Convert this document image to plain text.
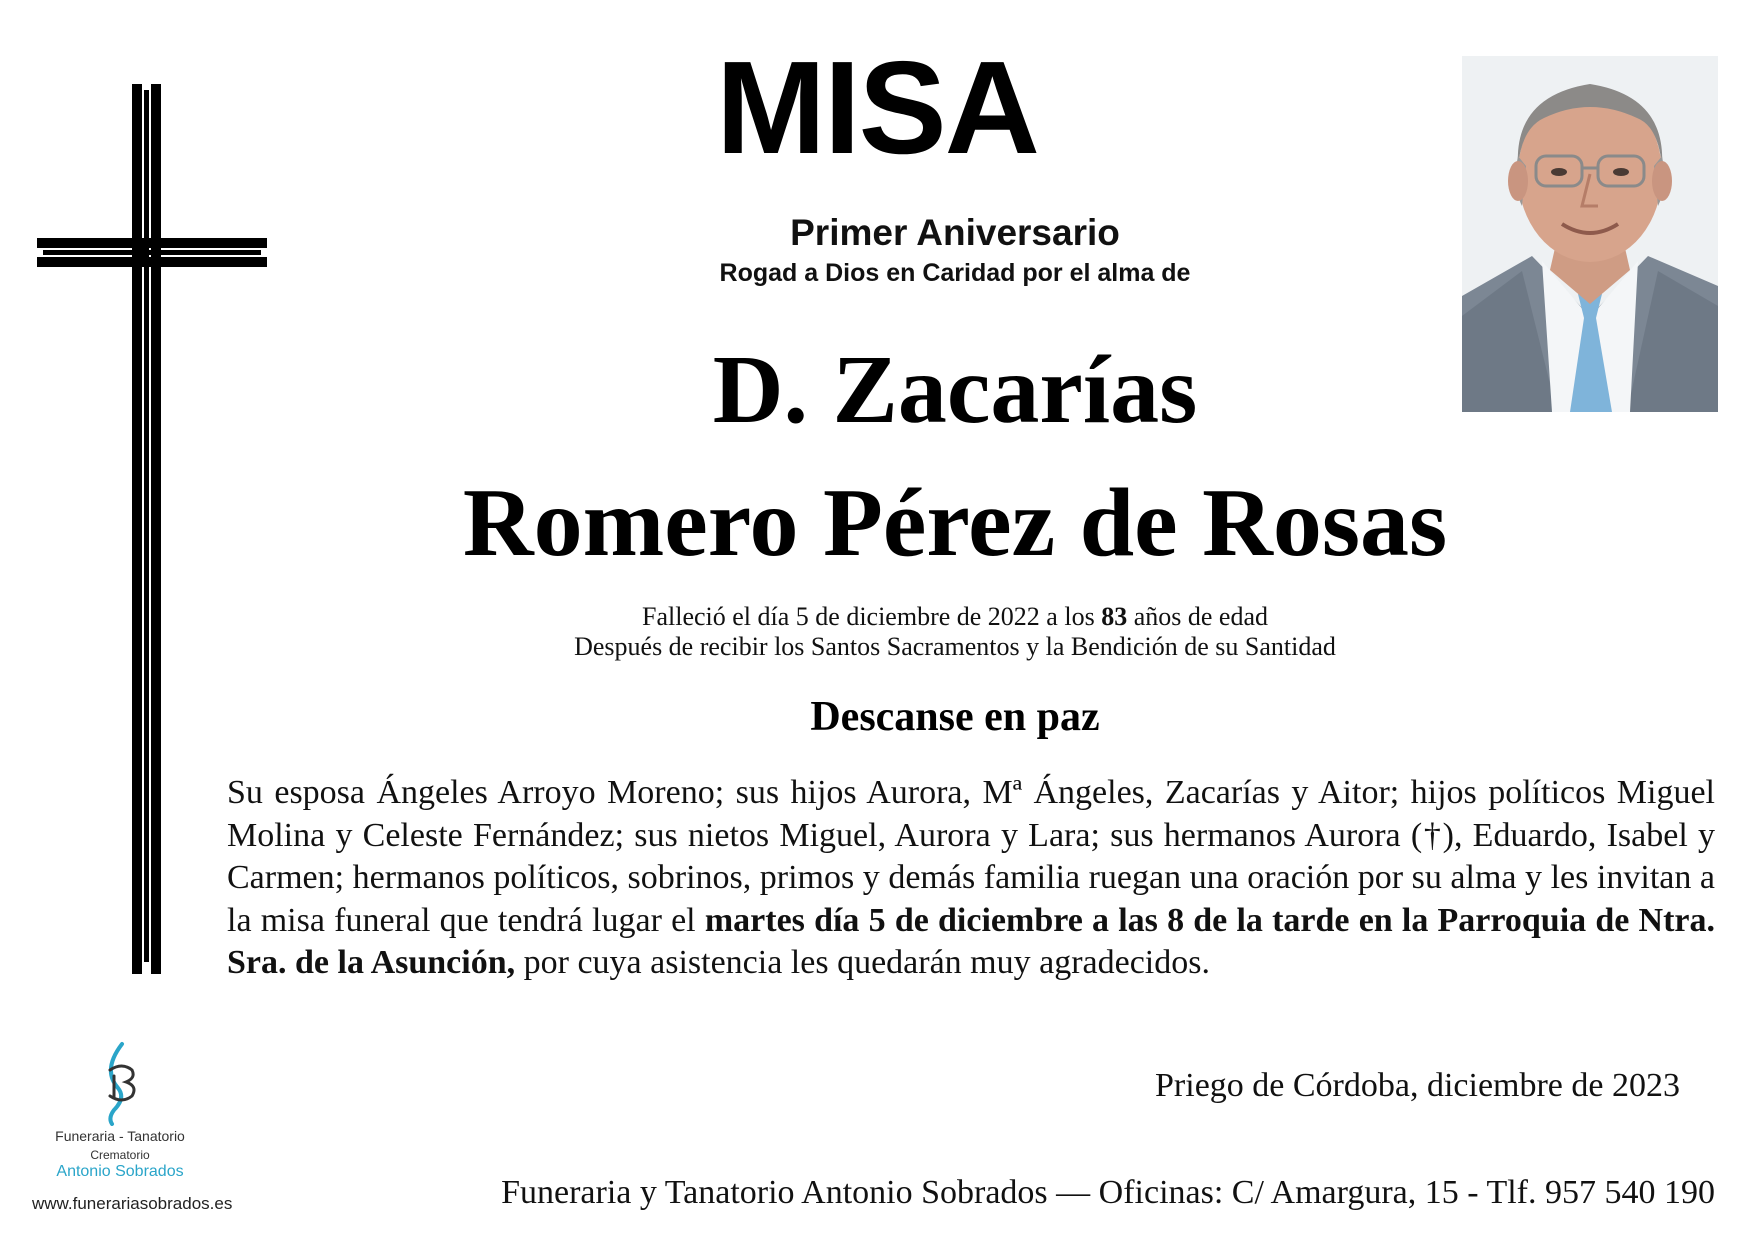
MISA
Primer Aniversario
Rogad a Dios en Caridad por el alma de
D. Zacarías
Romero Pérez de Rosas
Falleció el día 5 de diciembre de 2022 a los 83 años de edad
Después de recibir los Santos Sacramentos y la Bendición de su Santidad
Descanse en paz
Su esposa Ángeles Arroyo Moreno; sus hijos Aurora, Mª Ángeles, Zacarías y Aitor; hijos políticos Miguel Molina y Celeste Fernández; sus nietos Miguel, Aurora y Lara; sus hermanos Aurora (†), Eduardo, Isabel y Carmen; hermanos políticos, sobrinos, primos y demás familia ruegan una oración por su alma y les invitan a la misa funeral que tendrá lugar el martes día 5 de diciembre a las 8 de la tarde en la Parroquia de Ntra. Sra. de la Asunción, por cuya asistencia les quedarán muy agradecidos.
Priego de Córdoba, diciembre de 2023
Funeraria y Tanatorio Antonio Sobrados — Oficinas: C/ Amargura, 15 - Tlf. 957 540 190
Funeraria - Tanatorio
Crematorio
Antonio Sobrados
www.funerariasobrados.es
